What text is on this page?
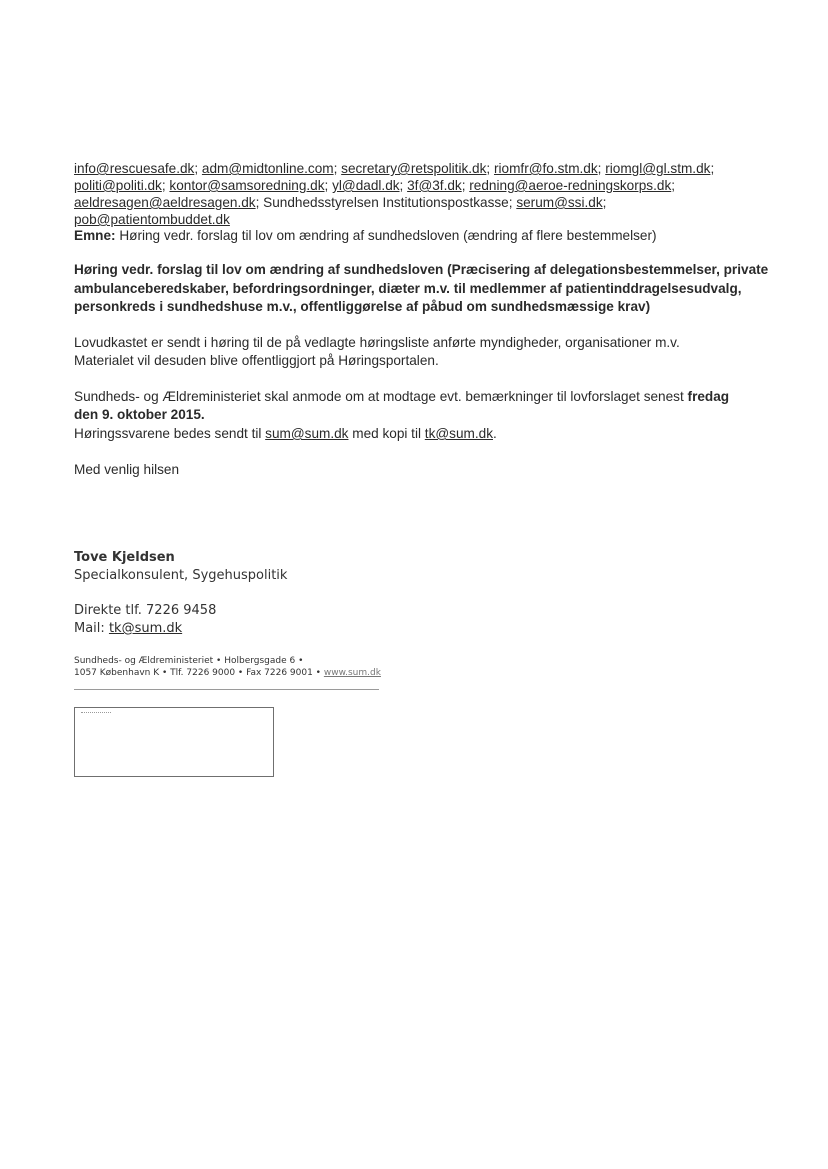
info@rescuesafe.dk; adm@midtonline.com; secretary@retspolitik.dk; riomfr@fo.stm.dk; riomgl@gl.stm.dk;
politi@politi.dk; kontor@samsoredning.dk; yl@dadl.dk; 3f@3f.dk; redning@aeroe-redningskorps.dk;
aeldresagen@aeldresagen.dk; Sundhedsstyrelsen Institutionspostkasse; serum@ssi.dk;
pob@patientombuddet.dk
Emne: Høring vedr. forslag til lov om ændring af sundhedsloven (ændring af flere bestemmelser)
Høring vedr. forslag til lov om ændring af sundhedsloven (Præcisering af delegationsbestemmelser, private
ambulanceberedskaber, befordringsordninger, diæter m.v. til medlemmer af patientinddragelsesudvalg,
personkreds i sundhedshuse m.v., offentliggørelse af påbud om sundhedsmæssige krav)
Lovudkastet er sendt i høring til de på vedlagte høringsliste anførte myndigheder, organisationer m.v.
Materialet vil desuden blive offentliggjort på Høringsportalen.
Sundheds- og Ældreministeriet skal anmode om at modtage evt. bemærkninger til lovforslaget senest fredag
den 9. oktober 2015.
Høringssvarene bedes sendt til sum@sum.dk med kopi til tk@sum.dk.
Med venlig hilsen
Tove Kjeldsen
Specialkonsulent, Sygehuspolitik
Direkte tlf. 7226 9458
Mail: tk@sum.dk
Sundheds- og Ældreministeriet • Holbergsgade 6 •
1057 København K • Tlf. 7226 9000 • Fax 7226 9001 • www.sum.dk
